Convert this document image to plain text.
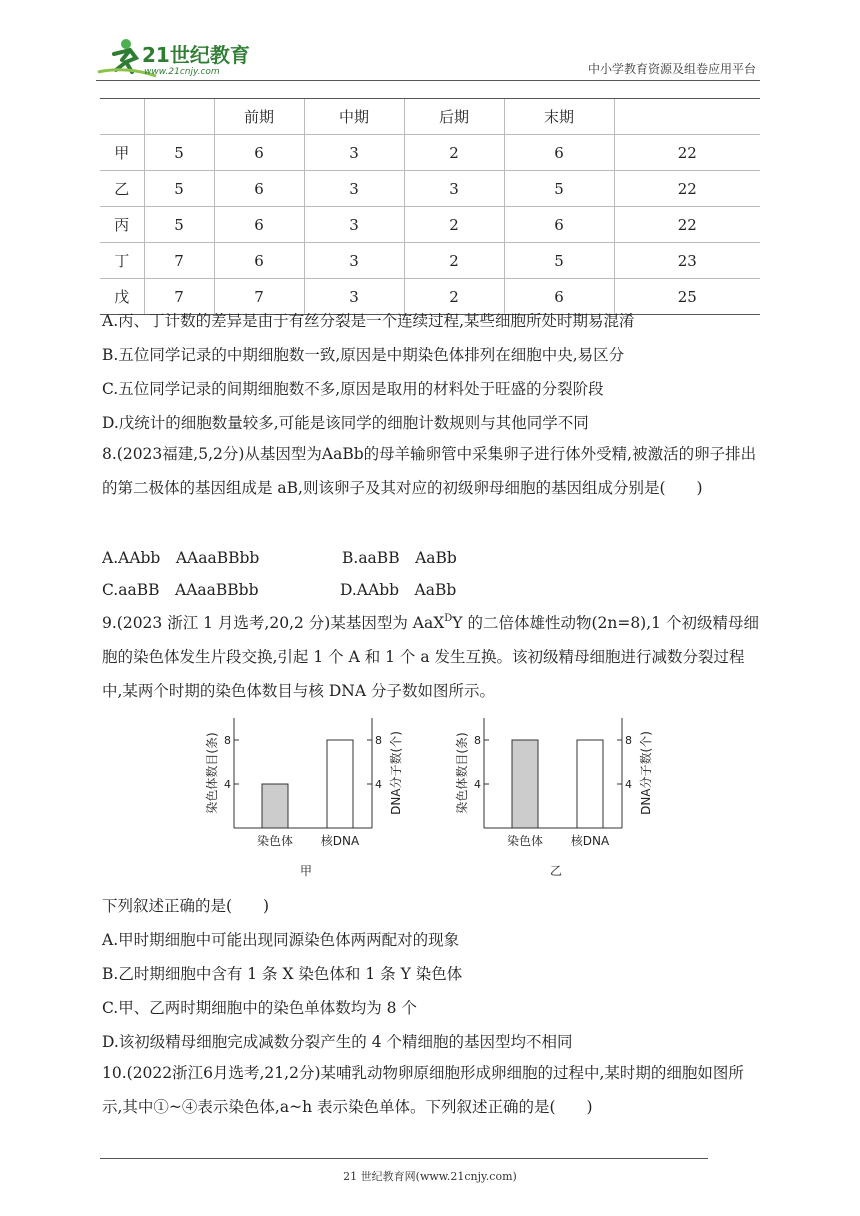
21世纪教育
www.21cnjy.com	中小学教育资源及组卷应用平台
		前期	中期	后期	末期	
甲	5	6	3	2	6	22
乙	5	6	3	3	5	22
丙	5	6	3	2	6	22
丁	7	6	3	2	5	23
戊	7	7	3	2	6	25
A.丙、丁计数的差异是由于有丝分裂是一个连续过程,某些细胞所处时期易混淆
B.五位同学记录的中期细胞数一致,原因是中期染色体排列在细胞中央,易区分
C.五位同学记录的间期细胞数不多,原因是取用的材料处于旺盛的分裂阶段
D.戊统计的细胞数量较多,可能是该同学的细胞计数规则与其他同学不同
8.(2023福建,5,2分)从基因型为AaBb的母羊输卵管中采集卵子进行体外受精,被激活的卵子排出的第二极体的基因组成是 aB,则该卵子及其对应的初级卵母细胞的基因组成分别是(　　)
A.AAbb　AAaaBBbb	B.aaBB　AaBb
C.aaBB　AAaaBBbb	D.AAbb　AaBb
9.(2023 浙江 1 月选考,20,2 分)某基因型为 AaX$^D$Y 的二倍体雄性动物(2n=8),1 个初级精母细胞的染色体发生片段交换,引起 1 个 A 和 1 个 a 发生互换。该初级精母细胞进行减数分裂过程中,某两个时期的染色体数目与核 DNA 分子数如图所示。
4	4
8	8
染色体 核DNA
染色体数目(条)	DNA分子数(个)
甲
4	4
8	8
染色体 核DNA
染色体数目(条)	DNA分子数(个)
乙
下列叙述正确的是(　　)
A.甲时期细胞中可能出现同源染色体两两配对的现象
B.乙时期细胞中含有 1 条 X 染色体和 1 条 Y 染色体
C.甲、乙两时期细胞中的染色单体数均为 8 个
D.该初级精母细胞完成减数分裂产生的 4 个精细胞的基因型均不相同
10.(2022浙江6月选考,21,2分)某哺乳动物卵原细胞形成卵细胞的过程中,某时期的细胞如图所示,其中①~④表示染色体,a~h 表示染色单体。下列叙述正确的是(　　)
21 世纪教育网(www.21cnjy.com)
